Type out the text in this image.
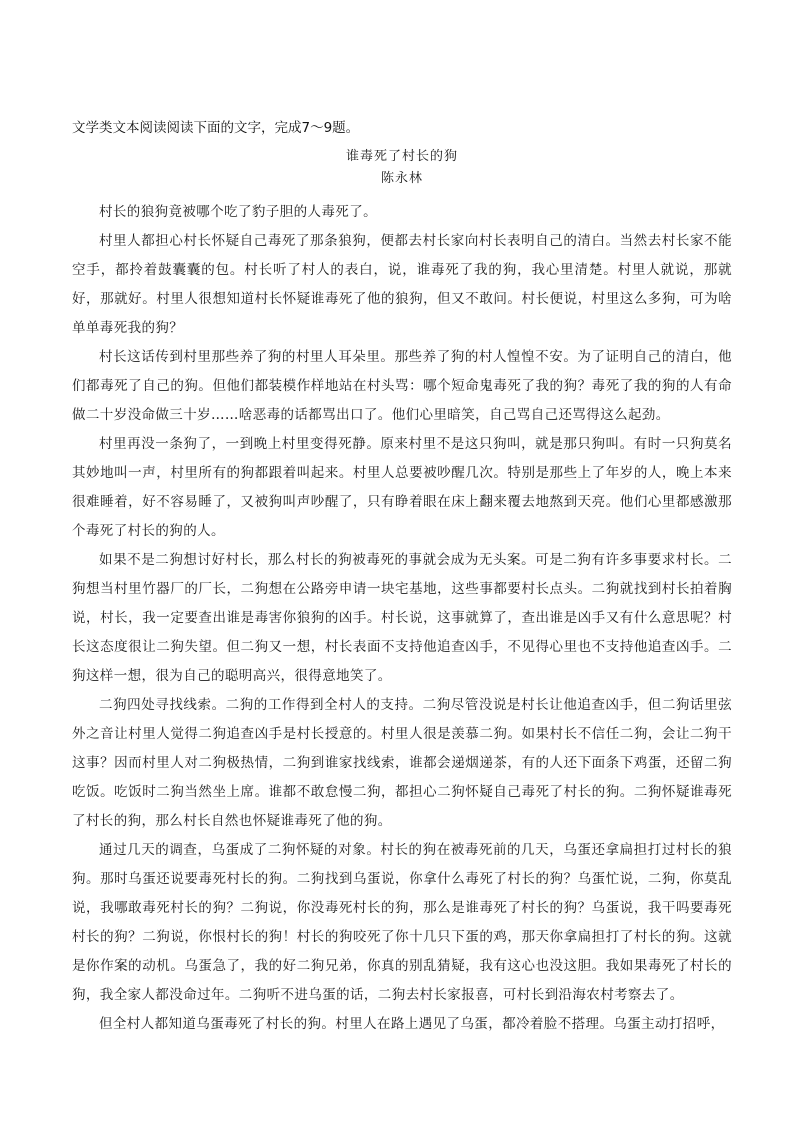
文学类文本阅读阅读下面的文字，完成7～9题。

谁毒死了村长的狗

陈永林

村长的狼狗竟被哪个吃了豹子胆的人毒死了。

村里人都担心村长怀疑自己毒死了那条狼狗，便都去村长家向村长表明自己的清白。当然去村长家不能空手，都拎着鼓囊囊的包。村长听了村人的表白，说，谁毒死了我的狗，我心里清楚。村里人就说，那就好，那就好。村里人很想知道村长怀疑谁毒死了他的狼狗，但又不敢问。村长便说，村里这么多狗，可为啥单单毒死我的狗？

村长这话传到村里那些养了狗的村里人耳朵里。那些养了狗的村人惶惶不安。为了证明自己的清白，他们都毒死了自己的狗。但他们都装模作样地站在村头骂：哪个短命鬼毒死了我的狗？毒死了我的狗的人有命做二十岁没命做三十岁……啥恶毒的话都骂出口了。他们心里暗笑，自己骂自己还骂得这么起劲。

村里再没一条狗了，一到晚上村里变得死静。原来村里不是这只狗叫，就是那只狗叫。有时一只狗莫名其妙地叫一声，村里所有的狗都跟着叫起来。村里人总要被吵醒几次。特别是那些上了年岁的人，晚上本来很难睡着，好不容易睡了，又被狗叫声吵醒了，只有睁着眼在床上翻来覆去地熬到天亮。他们心里都感激那个毒死了村长的狗的人。

如果不是二狗想讨好村长，那么村长的狗被毒死的事就会成为无头案。可是二狗有许多事要求村长。二狗想当村里竹器厂的厂长，二狗想在公路旁申请一块宅基地，这些事都要村长点头。二狗就找到村长拍着胸说，村长，我一定要查出谁是毒害你狼狗的凶手。村长说，这事就算了，查出谁是凶手又有什么意思呢？村长这态度很让二狗失望。但二狗又一想，村长表面不支持他追查凶手，不见得心里也不支持他追查凶手。二狗这样一想，很为自己的聪明高兴，很得意地笑了。

二狗四处寻找线索。二狗的工作得到全村人的支持。二狗尽管没说是村长让他追查凶手，但二狗话里弦外之音让村里人觉得二狗追查凶手是村长授意的。村里人很是羡慕二狗。如果村长不信任二狗，会让二狗干这事？因而村里人对二狗极热情，二狗到谁家找线索，谁都会递烟递茶，有的人还下面条下鸡蛋，还留二狗吃饭。吃饭时二狗当然坐上席。谁都不敢怠慢二狗，都担心二狗怀疑自己毒死了村长的狗。二狗怀疑谁毒死了村长的狗，那么村长自然也怀疑谁毒死了他的狗。

通过几天的调查，乌蛋成了二狗怀疑的对象。村长的狗在被毒死前的几天，乌蛋还拿扁担打过村长的狼狗。那时乌蛋还说要毒死村长的狗。二狗找到乌蛋说，你拿什么毒死了村长的狗？乌蛋忙说，二狗，你莫乱说，我哪敢毒死村长的狗？二狗说，你没毒死村长的狗，那么是谁毒死了村长的狗？乌蛋说，我干吗要毒死村长的狗？二狗说，你恨村长的狗！村长的狗咬死了你十几只下蛋的鸡，那天你拿扁担打了村长的狗。这就是你作案的动机。乌蛋急了，我的好二狗兄弟，你真的别乱猜疑，我有这心也没这胆。我如果毒死了村长的狗，我全家人都没命过年。二狗听不进乌蛋的话，二狗去村长家报喜，可村长到沿海农村考察去了。

但全村人都知道乌蛋毒死了村长的狗。村里人在路上遇见了乌蛋，都冷着脸不搭理。乌蛋主动打招呼，
